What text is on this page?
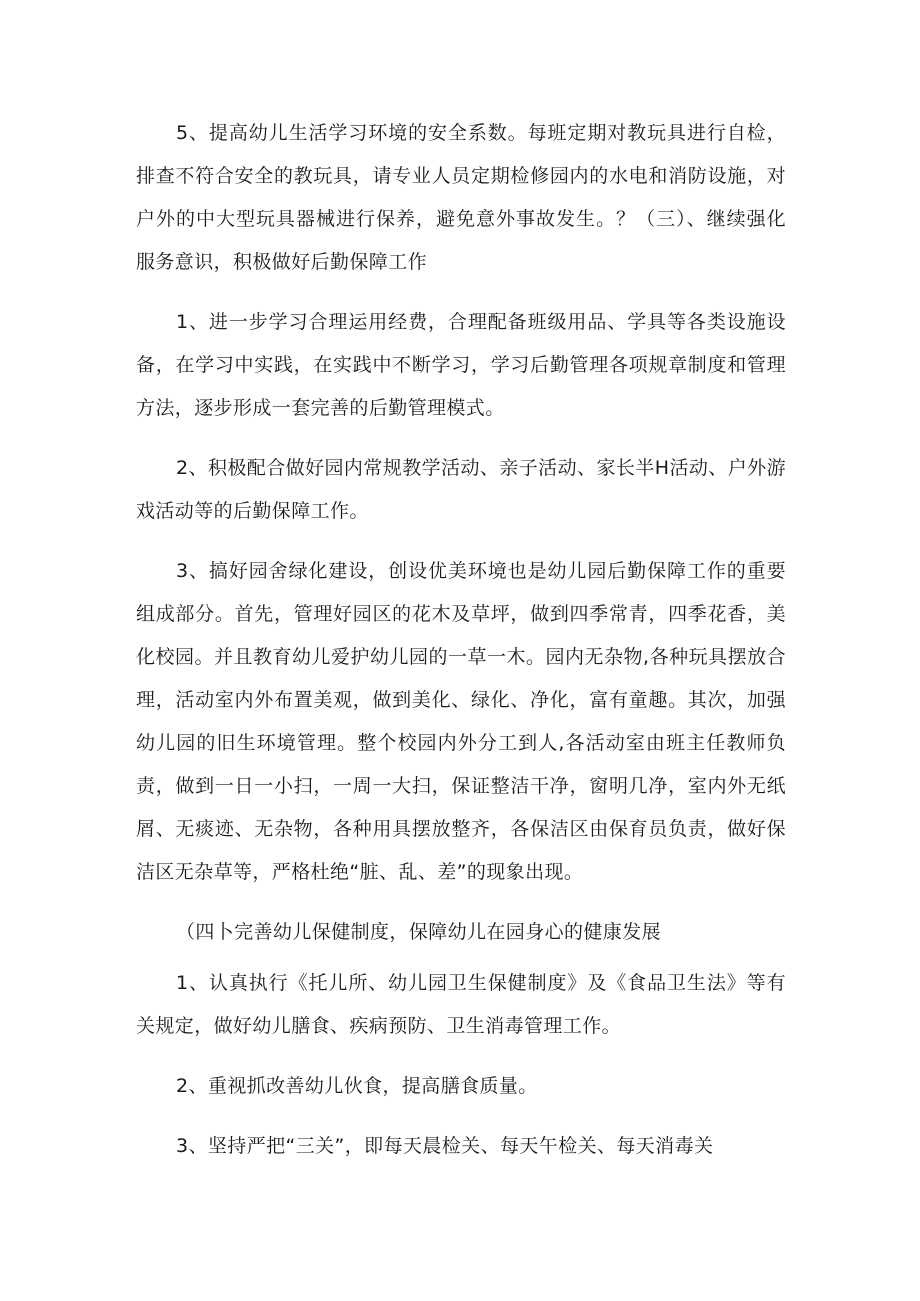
5、提高幼儿生活学习环境的安全系数。每班定期对教玩具进行自检，排查不符合安全的教玩具，请专业人员定期检修园内的水电和消防设施，对户外的中大型玩具器械进行保养，避免意外事故发生。？（三）、继续强化服务意识，积极做好后勤保障工作

1、进一步学习合理运用经费，合理配备班级用品、学具等各类设施设备，在学习中实践，在实践中不断学习，学习后勤管理各项规章制度和管理方法，逐步形成一套完善的后勤管理模式。

2、积极配合做好园内常规教学活动、亲子活动、家长半H活动、户外游戏活动等的后勤保障工作。

3、搞好园舍绿化建设，创设优美环境也是幼儿园后勤保障工作的重要组成部分。首先，管理好园区的花木及草坪，做到四季常青，四季花香，美化校园。并且教育幼儿爱护幼儿园的一草一木。园内无杂物,各种玩具摆放合理，活动室内外布置美观，做到美化、绿化、净化，富有童趣。其次，加强幼儿园的旧生环境管理。整个校园内外分工到人,各活动室由班主任教师负责，做到一日一小扫，一周一大扫，保证整洁干净，窗明几净，室内外无纸屑、无痰迹、无杂物，各种用具摆放整齐，各保洁区由保育员负责，做好保洁区无杂草等，严格杜绝“脏、乱、差”的现象出现。

（四卜完善幼儿保健制度，保障幼儿在园身心的健康发展

1、认真执行《托儿所、幼儿园卫生保健制度》及《食品卫生法》等有关规定，做好幼儿膳食、疾病预防、卫生消毒管理工作。

2、重视抓改善幼儿伙食，提高膳食质量。

3、坚持严把“三关”，即每天晨检关、每天午检关、每天消毒关
